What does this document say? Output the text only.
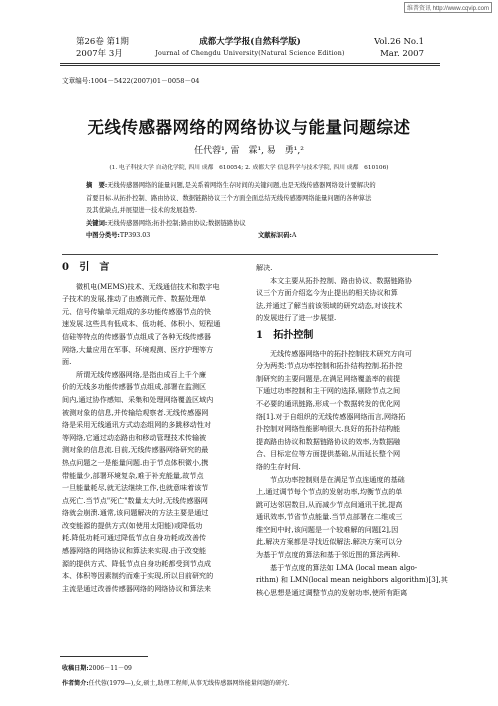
维普资讯 http://www.cqvip.com
第26卷 第1期
2007年 3月
成都大学学报(自然科学版)
Journal of Chengdu University(Natural Science Edition)
Vol.26 No.1
Mar. 2007
文章编号:1004－5422(2007)01－0058－04
无线传感器网络的网络协议与能量问题综述
任代蓉¹, 雷　霖¹, 易　勇¹,²
(1. 电子科技大学 自动化学院, 四川 成都　610054; 2. 成都大学 信息科学与技术学院, 四川 成都　610106)
摘　要:无线传感器网络的能量问题,是关系着网络生存时间的关键问题,也是无线传感器网络设计要解决的
首要目标.从拓扑控制、路由协议、数据链路协议三个方面全面总结无线传感器网络能量问题的各种算法
及其优缺点,并展望进一技术的发展趋势.
关键词:无线传感器网络;拓扑控制;路由协议;数据链路协议
中图分类号:TP393.03	文献标识码:A
0 引　言
微机电(MEMS)技术、无线通信技术和数字电
子技术的发展,推动了由感测元件、数据处理单
元、信号传输单元组成的多功能传感器节点的快
速发展.这些具有低成本、低功耗、体积小、短程通
信硅等特点的传感器节点组成了各种无线传感器
网络,大量应用在军事、环境观测、医疗护理等方
面.
所谓无线传感器网络,是指由成百上千个廉
价的无线多功能传感器节点组成,部署在监测区
间内,通过协作感知、采集和处理网络覆盖区域内
被测对象的信息,并传输给观察者.无线传感器网
络是采用无线通讯方式动态组网的多跳移动性对
等网络,它通过动态路由和移动管理技术传输被
测对象的信息流.目前,无线传感器网络研究的最
热点问题之一是能量问题.由于节点体积微小,携
带能量少,部署环境复杂,难于补充能量,故节点
一旦能量耗尽,就无法继续工作,也就意味着该节
点死亡.当节点"死亡"数量太大时,无线传感器网
络就会崩溃.通常,该问题解决的方法主要是通过
改变能源的提供方式(如使用太阳能)或降低功
耗.降低功耗可通过降低节点自身功耗或改善传
感器网络的网络协议和算法来实现.由于改变能
源的提供方式、降低节点自身功耗都受到节点成
本、体积等因素制约而难于实现,所以目前研究的
主流是通过改善传感器网络的网络协议和算法来
解决.
本文主要从拓扑控制、路由协议、数据链路协
议三个方面介绍迄今为止提出的相关协议和算
法,并通过了解当前该领域的研究动态,对该技术
的发展进行了进一步展望.
1 拓扑控制
无线传感器网络中的拓扑控制技术研究方向可
分为两类:节点功率控制和拓扑结构控制.拓扑控
制研究的主要问题是,在满足网络覆盖率的前提
下通过功率控制和主干网的选择,剔除节点之间
不必要的通讯链路,形成一个数据转发的优化网
络[1].对于自组织的无线传感器网络而言,网络拓
扑控制对网络性能影响很大.良好的拓扑结构能
提高路由协议和数据链路协议的效率,为数据融
合、目标定位等方面提供基础,从而延长整个网
络的生存时间.
节点功率控制则是在满足节点连通度的基础
上,通过调节每个节点的发射功率,均衡节点的单
跳可达邻居数目,从而减少节点间通讯干扰,提高
通讯效率,节省节点能量.当节点部署在二维或三
维空间中时,该问题是一个较难解的问题[2],因
此,解决方案都是寻找近似解法.解决方案可以分
为基于节点度的算法和基于邻近图的算法两种.
基于节点度的算法如 LMA (local mean algo-
rithm) 和 LMN(local mean neighbors algorithm)[3],其
核心思想是通过调整节点的发射功率,使所有距离
收稿日期:2006－11－09
作者简介:任代蓉(1979—),女,硕士,助理工程师,从事无线传感器网络能量问题的研究.
